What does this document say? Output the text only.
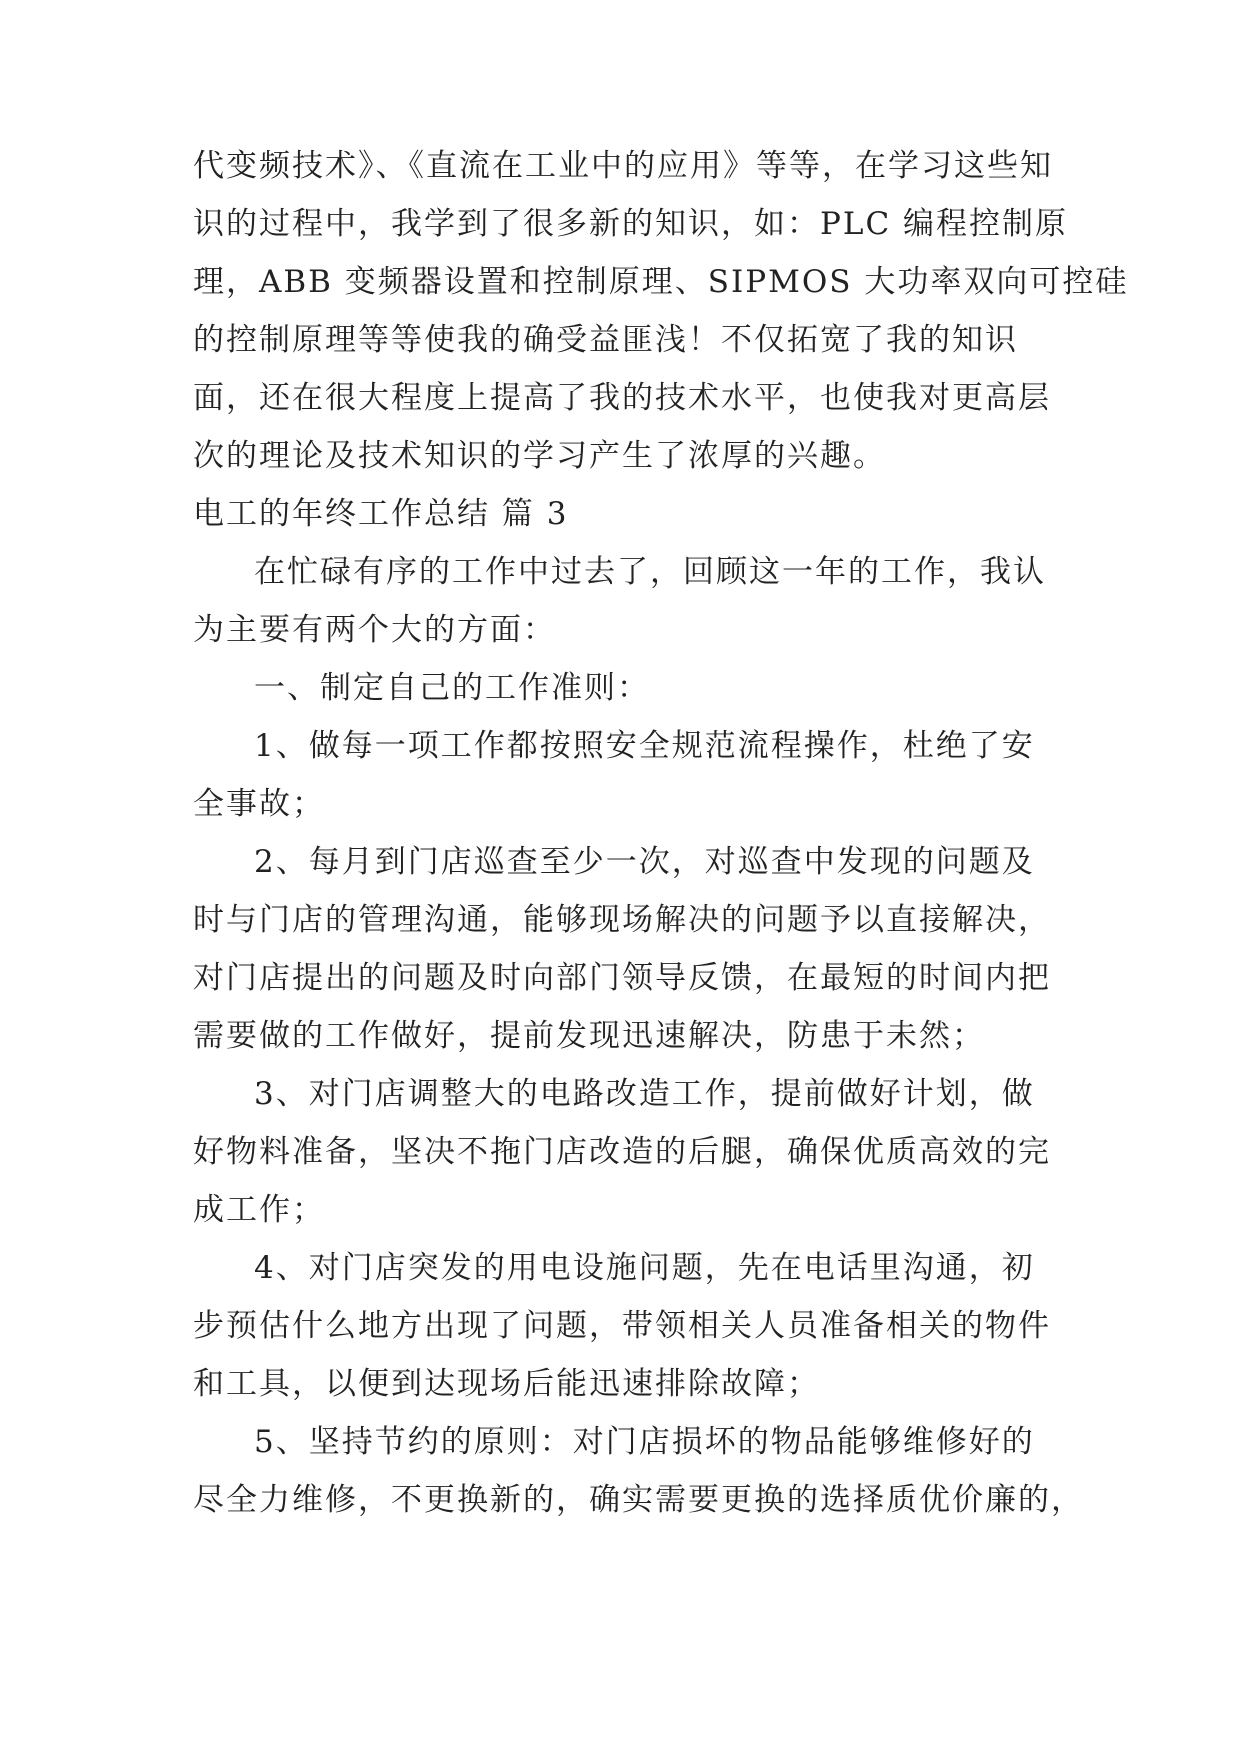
代变频技术》、《直流在工业中的应用》等等，在学习这些知
识的过程中，我学到了很多新的知识，如：PLC 编程控制原
理，ABB 变频器设置和控制原理、SIPMOS 大功率双向可控硅
的控制原理等等使我的确受益匪浅！不仅拓宽了我的知识
面，还在很大程度上提高了我的技术水平，也使我对更高层
次的理论及技术知识的学习产生了浓厚的兴趣。
电工的年终工作总结 篇 3
在忙碌有序的工作中过去了，回顾这一年的工作，我认
为主要有两个大的方面：
一、制定自己的工作准则：
1、做每一项工作都按照安全规范流程操作，杜绝了安
全事故；
2、每月到门店巡查至少一次，对巡查中发现的问题及
时与门店的管理沟通，能够现场解决的问题予以直接解决，
对门店提出的问题及时向部门领导反馈，在最短的时间内把
需要做的工作做好，提前发现迅速解决，防患于未然；
3、对门店调整大的电路改造工作，提前做好计划，做
好物料准备，坚决不拖门店改造的后腿，确保优质高效的完
成工作；
4、对门店突发的用电设施问题，先在电话里沟通，初
步预估什么地方出现了问题，带领相关人员准备相关的物件
和工具，以便到达现场后能迅速排除故障；
5、坚持节约的原则：对门店损坏的物品能够维修好的
尽全力维修，不更换新的，确实需要更换的选择质优价廉的，
